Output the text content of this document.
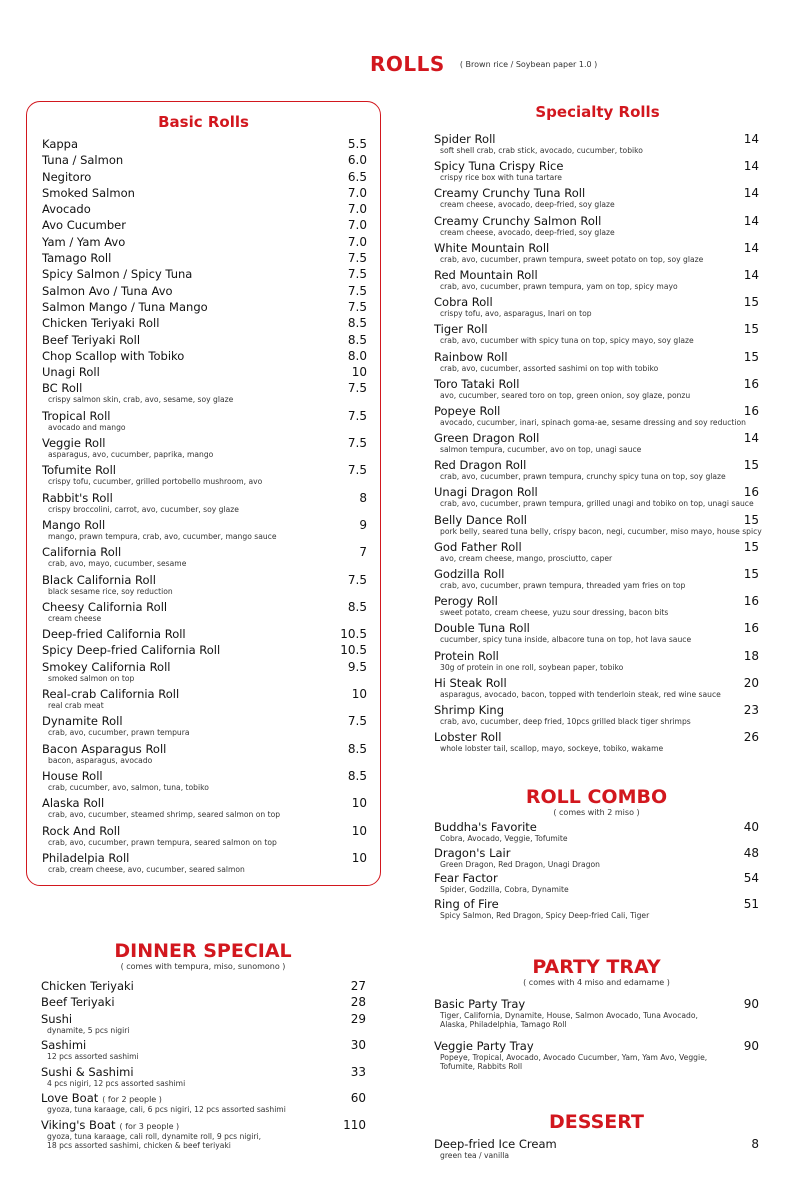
ROLLS $^{( Brown rice / Soybean paper 1.0 )}$
Basic Rolls
Kappa	5.5
Tuna / Salmon	6.0
Negitoro	6.5
Smoked Salmon	7.0
Avocado	7.0
Avo Cucumber	7.0
Yam / Yam Avo	7.0
Tamago Roll	7.5
Spicy Salmon / Spicy Tuna	7.5
Salmon Avo / Tuna Avo	7.5
Salmon Mango / Tuna Mango	7.5
Chicken Teriyaki Roll	8.5
Beef Teriyaki Roll	8.5
Chop Scallop with Tobiko	8.0
Unagi Roll	10
BC Roll	7.5
crispy salmon skin, crab, avo, sesame, soy glaze
Tropical Roll	7.5
avocado and mango
Veggie Roll	7.5
asparagus, avo, cucumber, paprika, mango
Tofumite Roll	7.5
crispy tofu, cucumber, grilled portobello mushroom, avo
Rabbit's Roll	8
crispy broccolini, carrot, avo, cucumber, soy glaze
Mango Roll	9
mango, prawn tempura, crab, avo, cucumber, mango sauce
California Roll	7
crab, avo, mayo, cucumber, sesame
Black California Roll	7.5
black sesame rice, soy reduction
Cheesy California Roll	8.5
cream cheese
Deep-fried California Roll	10.5
Spicy Deep-fried California Roll	10.5
Smokey California Roll	9.5
smoked salmon on top
Real-crab California Roll	10
real crab meat
Dynamite Roll	7.5
crab, avo, cucumber, prawn tempura
Bacon Asparagus Roll	8.5
bacon, asparagus, avocado
House Roll	8.5
crab, cucumber, avo, salmon, tuna, tobiko
Alaska Roll	10
crab, avo, cucumber, steamed shrimp, seared salmon on top
Rock And Roll	10
crab, avo, cucumber, prawn tempura, seared salmon on top
Philadelpia Roll	10
crab, cream cheese, avo, cucumber, seared salmon
Specialty Rolls
Spider Roll	14
soft shell crab, crab stick, avocado, cucumber, tobiko
Spicy Tuna Crispy Rice	14
crispy rice box with tuna tartare
Creamy Crunchy Tuna Roll	14
cream cheese, avocado, deep-fried, soy glaze
Creamy Crunchy Salmon Roll	14
cream cheese, avocado, deep-fried, soy glaze
White Mountain Roll	14
crab, avo, cucumber, prawn tempura, sweet potato on top, soy glaze
Red Mountain Roll	14
crab, avo, cucumber, prawn tempura, yam on top, spicy mayo
Cobra Roll	15
crispy tofu, avo, asparagus, Inari on top
Tiger Roll	15
crab, avo, cucumber with spicy tuna on top, spicy mayo, soy glaze
Rainbow Roll	15
crab, avo, cucumber, assorted sashimi on top with tobiko
Toro Tataki Roll	16
avo, cucumber, seared toro on top, green onion, soy glaze, ponzu
Popeye Roll	16
avocado, cucumber, inari, spinach goma-ae, sesame dressing and soy reduction
Green Dragon Roll	14
salmon tempura, cucumber, avo on top, unagi sauce
Red Dragon Roll	15
crab, avo, cucumber, prawn tempura, crunchy spicy tuna on top, soy glaze
Unagi Dragon Roll	16
crab, avo, cucumber, prawn tempura, grilled unagi and tobiko on top, unagi sauce
Belly Dance Roll	15
pork belly, seared tuna belly, crispy bacon, negi, cucumber, miso mayo, house spicy
God Father Roll	15
avo, cream cheese, mango, prosciutto, caper
Godzilla Roll	15
crab, avo, cucumber, prawn tempura, threaded yam fries on top
Perogy Roll	16
sweet potato, cream cheese, yuzu sour dressing, bacon bits
Double Tuna Roll	16
cucumber, spicy tuna inside, albacore tuna on top, hot lava sauce
Protein Roll	18
30g of protein in one roll, soybean paper, tobiko
Hi Steak Roll	20
asparagus, avocado, bacon, topped with tenderloin steak, red wine sauce
Shrimp King	23
crab, avo, cucumber, deep fried, 10pcs grilled black tiger shrimps
Lobster Roll	26
whole lobster tail, scallop, mayo, sockeye, tobiko, wakame
ROLL COMBO
( comes with 2 miso )
Buddha's Favorite	40
Cobra, Avocado, Veggie, Tofumite
Dragon's Lair	48
Green Dragon, Red Dragon, Unagi Dragon
Fear Factor	54
Spider, Godzilla, Cobra, Dynamite
Ring of Fire	51
Spicy Salmon, Red Dragon, Spicy Deep-fried Cali, Tiger
DINNER SPECIAL
( comes with tempura, miso, sunomono )
Chicken Teriyaki	27
Beef Teriyaki	28
Sushi	29
dynamite, 5 pcs nigiri
Sashimi	30
12 pcs assorted sashimi
Sushi & Sashimi	33
4 pcs nigiri, 12 pcs assorted sashimi
Love Boat ( for 2 people )	60
gyoza, tuna karaage, cali, 6 pcs nigiri, 12 pcs assorted sashimi
Viking's Boat ( for 3 people )	110
gyoza, tuna karaage, cali roll, dynamite roll, 9 pcs nigiri,
18 pcs assorted sashimi, chicken & beef teriyaki
PARTY TRAY
( comes with 4 miso and edamame )
Basic Party Tray	90
Tiger, California, Dynamite, House, Salmon Avocado, Tuna Avocado,
Alaska, Philadelphia, Tamago Roll
Veggie Party Tray	90
Popeye, Tropical, Avocado, Avocado Cucumber, Yam, Yam Avo, Veggie,
Tofumite, Rabbits Roll
DESSERT
Deep-fried Ice Cream	8
green tea / vanilla
